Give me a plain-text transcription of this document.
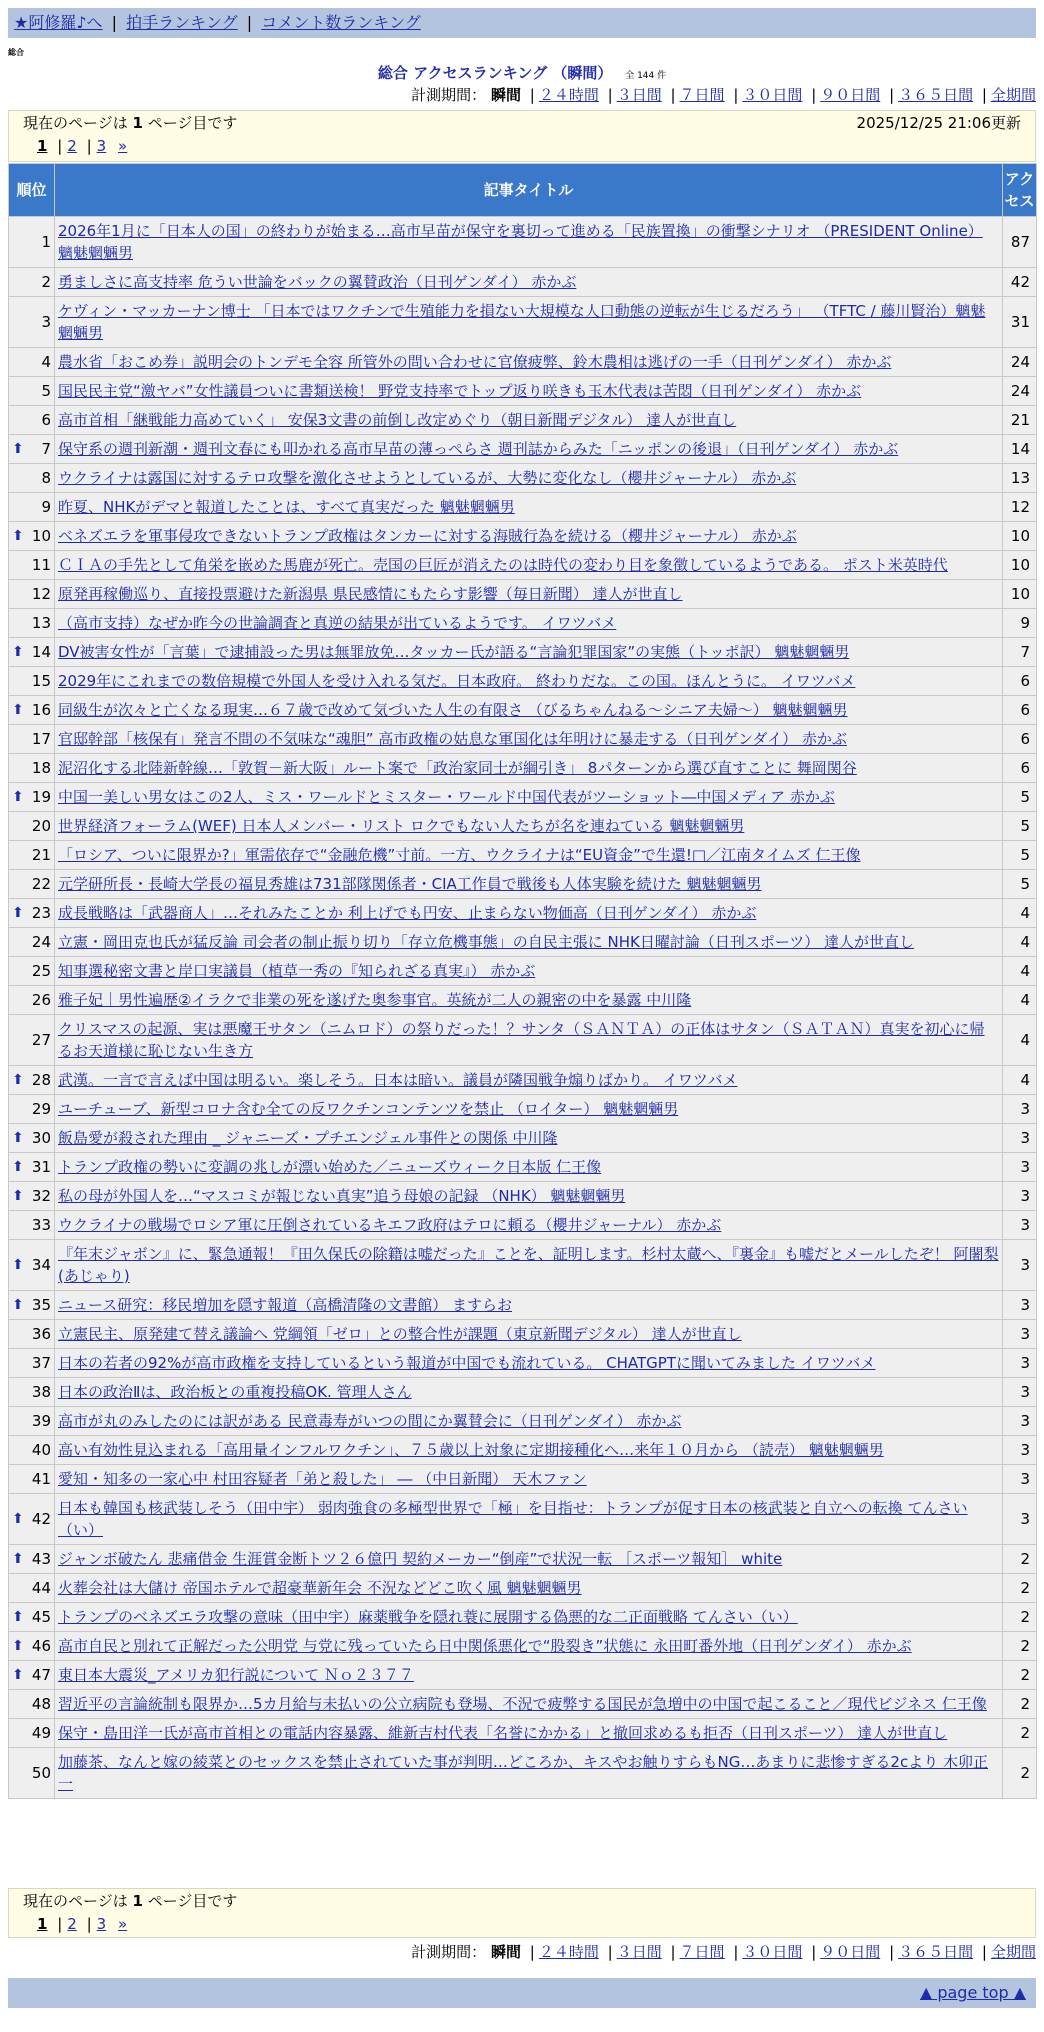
★阿修羅♪へ | 拍手ランキング | コメント数ランキング
総合
総合 アクセスランキング （瞬間） 全 144 件
計測期間： 瞬間 | ２４時間 | ３日間 | ７日間 | ３０日間 | ９０日間 | ３６５日間 | 全期間
現在のページは 1 ページ目です	2025/12/25 21:06更新
1 | 2 | 3 »
順位	記事タイトル	アクセス
1	2026年1月に「日本人の国」の終わりが始まる…高市早苗が保守を裏切って進める「民族置換」の衝撃シナリオ （PRESIDENT Online） 魑魅魍魎男	87
2	勇ましさに高支持率 危うい世論をバックの翼賛政治（日刊ゲンダイ） 赤かぶ	42
3	ケヴィン・マッカーナン博士 「日本ではワクチンで生殖能力を損ない大規模な人口動態の逆転が生じるだろう」 （TFTC / 藤川賢治）魑魅魍魎男	31
4	農水省「おこめ券」説明会のトンデモ全容 所管外の問い合わせに官僚疲弊、鈴木農相は逃げの一手（日刊ゲンダイ） 赤かぶ	24
5	国民民主党“激ヤバ”女性議員ついに書類送検！ 野党支持率でトップ返り咲きも玉木代表は苦悶（日刊ゲンダイ） 赤かぶ	24
6	高市首相「継戦能力高めていく」 安保3文書の前倒し改定めぐり（朝日新聞デジタル） 達人が世直し	21

⬆ 7	保守系の週刊新潮・週刊文春にも叩かれる高市早苗の薄っぺらさ 週刊誌からみた「ニッポンの後退」（日刊ゲンダイ） 赤かぶ	14
8	ウクライナは露国に対するテロ攻撃を激化させようとしているが、大勢に変化なし（櫻井ジャーナル） 赤かぶ	13
9	昨夏、NHKがデマと報道したことは、すべて真実だった 魑魅魍魎男	12

⬆ 10	ベネズエラを軍事侵攻できないトランプ政権はタンカーに対する海賊行為を続ける（櫻井ジャーナル） 赤かぶ	10
11	ＣＩＡの手先として角栄を嵌めた馬鹿が死亡。売国の巨匠が消えたのは時代の変わり目を象徴しているようである。 ポスト米英時代	10
12	原発再稼働巡り、直接投票避けた新潟県 県民感情にもたらす影響（毎日新聞） 達人が世直し	10
13	（高市支持）なぜか昨今の世論調査と真逆の結果が出ているようです。 イワツバメ	9

⬆ 14	DV被害女性が「言葉」で逮捕設った男は無罪放免…タッカー氏が語る“言論犯罪国家”の実態（トッポ訳） 魑魅魍魎男	7
15	2029年にこれまでの数倍規模で外国人を受け入れる気だ。日本政府。 終わりだな。この国。ほんとうに。 イワツバメ	6

⬆ 16	同級生が次々と亡くなる現実…６７歳で改めて気づいた人生の有限さ （びるちゃんねる～シニア夫婦～） 魑魅魍魎男	6
17	官邸幹部「核保有」発言不問の不気味な“魂胆” 高市政権の姑息な軍国化は年明けに暴走する（日刊ゲンダイ） 赤かぶ	6
18	泥沼化する北陸新幹線…「敦賀－新大阪」ルート案で「政治家同士が綱引き」 8パターンから選び直すことに 舞岡関谷	6

⬆ 19	中国一美しい男女はこの2人、ミス・ワールドとミスター・ワールド中国代表がツーショット―中国メディア 赤かぶ	5
20	世界経済フォーラム(WEF) 日本人メンバー・リスト ロクでもない人たちが名を連ねている 魑魅魍魎男	5
21	「ロシア、ついに限界か?」軍需依存で“金融危機”寸前。一方、ウクライナは“EU資金”で生還!□／江南タイムズ 仁王像	5
22	元学研所長・長崎大学長の福見秀雄は731部隊関係者・CIA工作員で戦後も人体実験を続けた 魑魅魍魎男	5

⬆ 23	成長戦略は「武器商人」…それみたことか 利上げでも円安、止まらない物価高（日刊ゲンダイ） 赤かぶ	4
24	立憲・岡田克也氏が猛反論 司会者の制止振り切り「存立危機事態」の自民主張に NHK日曜討論（日刊スポーツ） 達人が世直し	4
25	知事選秘密文書と岸口実議員（植草一秀の『知られざる真実』） 赤かぶ	4
26	雅子妃｜男性遍歴②イラクで非業の死を遂げた奥参事官。英統が二人の親密の中を暴露 中川隆	4
27	クリスマスの起源、実は悪魔王サタン（ニムロド）の祭りだった！？サンタ（ＳＡＮＴＡ）の正体はサタン（ＳＡＴＡＮ）真実を初心に帰るお天道様に恥じない生き方	4

⬆ 28	武漢。一言で言えば中国は明るい。楽しそう。日本は暗い。議員が隣国戦争煽りばかり。 イワツバメ	4
29	ユーチューブ、新型コロナ含む全ての反ワクチンコンテンツを禁止 （ロイター） 魑魅魍魎男	3

⬆ 30	飯島愛が殺された理由 _ ジャニーズ・プチエンジェル事件との関係 中川隆	3

⬆ 31	トランプ政権の勢いに変調の兆しが漂い始めた／ニューズウィーク日本版 仁王像	3

⬆ 32	私の母が外国人を…“マスコミが報じない真実”追う母娘の記録 （NHK） 魑魅魍魎男	3
33	ウクライナの戦場でロシア軍に圧倒されているキエフ政府はテロに頼る（櫻井ジャーナル） 赤かぶ	3

⬆ 34	『年末ジャボン』に、緊急通報！『田久保氏の除籍は嘘だった』ことを、証明します。杉村太蔵へ、『裏金』も嘘だとメールしたぞ！ 阿闍梨(あじゃり)	3

⬆ 35	ニュース研究：移民増加を隠す報道（高橋清隆の文書館） ますらお	3
36	立憲民主、原発建て替え議論へ 党綱領「ゼロ」との整合性が課題（東京新聞デジタル） 達人が世直し	3
37	日本の若者の92%が高市政権を支持しているという報道が中国でも流れている。 CHATGPTに聞いてみました イワツバメ	3
38	日本の政治Ⅱは、政治板との重複投稿OK. 管理人さん	3
39	高市が丸のみしたのには訳がある 民意毒寿がいつの間にか翼賛会に（日刊ゲンダイ） 赤かぶ	3
40	高い有効性見込まれる「高用量インフルワクチン」、７５歳以上対象に定期接種化へ…来年１０月から （読売） 魑魅魍魎男	3
41	愛知・知多の一家心中 村田容疑者「弟と殺した」 ― （中日新聞） 天木ファン	3

⬆ 42	日本も韓国も核武装しそう（田中宇） 弱肉強食の多極型世界で「極」を目指せ：トランプが促す日本の核武装と自立への転換 てんさい（い）	3

⬆ 43	ジャンボ破たん 悲痛借金 生涯賞金断トツ２６億円 契約メーカー“倒産”で状況一転 ［スポーツ報知］ white	2
44	火葬会社は大儲け 帝国ホテルで超豪華新年会 不況などどこ吹く風 魑魅魍魎男	2

⬆ 45	トランプのベネズエラ攻撃の意味（田中宇）麻薬戦争を隠れ蓑に展開する偽悪的な二正面戦略 てんさい（い）	2

⬆ 46	高市自民と別れて正解だった公明党 与党に残っていたら日中関係悪化で“股裂き”状態に 永田町番外地（日刊ゲンダイ） 赤かぶ	2

⬆ 47	東日本大震災_アメリカ犯行説について Ｎｏ２３７７	2
48	習近平の言論統制も限界か…5カ月給与未払いの公立病院も登場、不況で疲弊する国民が急増中の中国で起こること／現代ビジネス 仁王像	2
49	保守・島田洋一氏が高市首相との電話内容暴露、維新吉村代表「名誉にかかる」と撤回求めるも拒否（日刊スポーツ） 達人が世直し	2
50	加藤茶、なんと嫁の綾菜とのセックスを禁止されていた事が判明…どころか、キスやお触りすらもNG…あまりに悲惨すぎる2cより 木卯正一	2
計測期間： 瞬間 | ２４時間 | ３日間 | ７日間 | ３０日間 | ９０日間 | ３６５日間 | 全期間
現在のページは 1 ページ目です
1 | 2 | 3 »
▲ page top ▲
